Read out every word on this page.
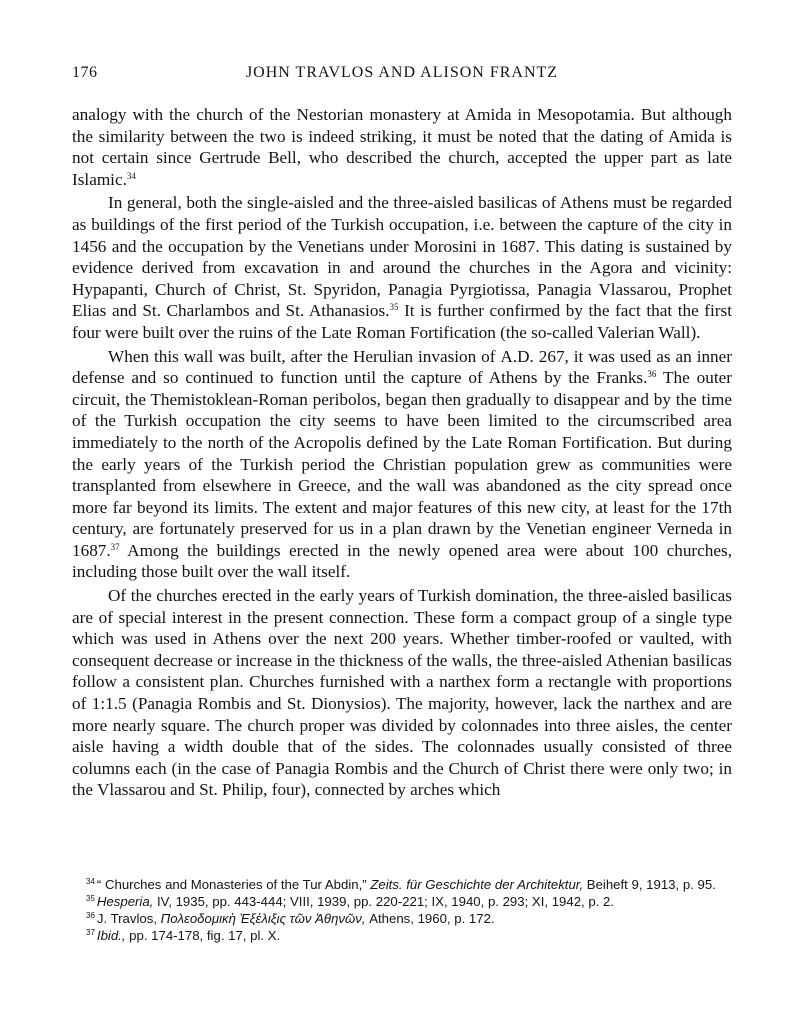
176	JOHN TRAVLOS AND ALISON FRANTZ

analogy with the church of the Nestorian monastery at Amida in Mesopotamia. But although the similarity between the two is indeed striking, it must be noted that the dating of Amida is not certain since Gertrude Bell, who described the church, accepted the upper part as late Islamic.$^{34}$

In general, both the single-aisled and the three-aisled basilicas of Athens must be regarded as buildings of the first period of the Turkish occupation, i.e. between the capture of the city in 1456 and the occupation by the Venetians under Morosini in 1687. This dating is sustained by evidence derived from excavation in and around the churches in the Agora and vicinity: Hypapanti, Church of Christ, St. Spyridon, Panagia Pyrgiotissa, Panagia Vlassarou, Prophet Elias and St. Charlambos and St. Athanasios.$^{35}$ It is further confirmed by the fact that the first four were built over the ruins of the Late Roman Fortification (the so-called Valerian Wall).

When this wall was built, after the Herulian invasion of A.D. 267, it was used as an inner defense and so continued to function until the capture of Athens by the Franks.$^{36}$ The outer circuit, the Themistoklean-Roman peribolos, began then gradually to disappear and by the time of the Turkish occupation the city seems to have been limited to the circumscribed area immediately to the north of the Acropolis defined by the Late Roman Fortification. But during the early years of the Turkish period the Christian population grew as communities were transplanted from elsewhere in Greece, and the wall was abandoned as the city spread once more far beyond its limits. The extent and major features of this new city, at least for the 17th century, are fortunately preserved for us in a plan drawn by the Venetian engineer Verneda in 1687.37 Among the buildings erected in the newly opened area were about 100 churches, including those built over the wall itself.

Of the churches erected in the early years of Turkish domination, the three-aisled basilicas are of special interest in the present connection. These form a compact group of a single type which was used in Athens over the next 200 years. Whether timber-roofed or vaulted, with consequent decrease or increase in the thickness of the walls, the three-aisled Athenian basilicas follow a consistent plan. Churches furnished with a narthex form a rectangle with proportions of 1:1.5 (Panagia Rombis and St. Dionysios). The majority, however, lack the narthex and are more nearly square. The church proper was divided by colonnades into three aisles, the center aisle having a width double that of the sides. The colonnades usually consisted of three columns each (in the case of Panagia Rombis and the Church of Christ there were only two; in the Vlassarou and St. Philip, four), connected by arches which

$^{34}$ “ Churches and Monasteries of the Tur Abdin,” Zeits. für Geschichte der Architektur, Beiheft 9, 1913, p. 95.

$^{35}$ Hesperia, IV, 1935, pp. 443-444; VIII, 1939, pp. 220-221; IX, 1940, p. 293; XI, 1942, p. 2.

$^{36}$ J. Travlos, Πολεοδομικὴ Ἐξέλιξις τῶν Ἀθηνῶν, Athens, 1960, p. 172.

$^{37}$ Ibid., pp. 174-178, fig. 17, pl. X.
